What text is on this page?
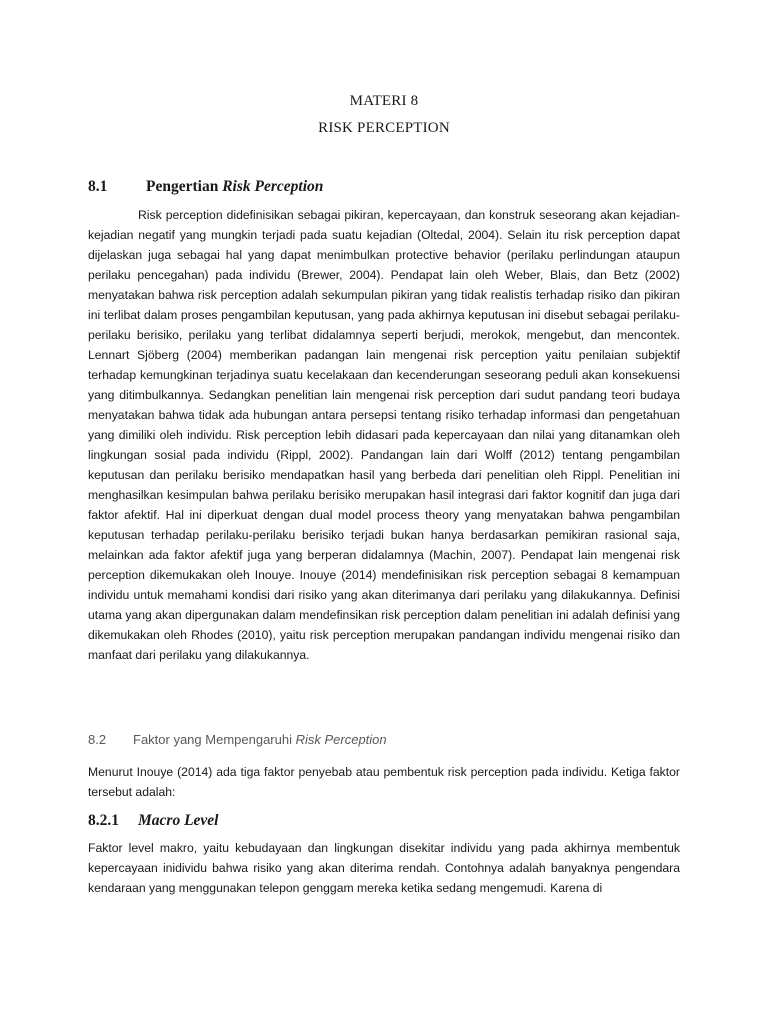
MATERI 8
RISK PERCEPTION
8.1 Pengertian Risk Perception

Risk perception didefinisikan sebagai pikiran, kepercayaan, dan konstruk seseorang akan kejadian-kejadian negatif yang mungkin terjadi pada suatu kejadian (Oltedal, 2004). Selain itu risk perception dapat dijelaskan juga sebagai hal yang dapat menimbulkan protective behavior (perilaku perlindungan ataupun perilaku pencegahan) pada individu (Brewer, 2004). Pendapat lain oleh Weber, Blais, dan Betz (2002) menyatakan bahwa risk perception adalah sekumpulan pikiran yang tidak realistis terhadap risiko dan pikiran ini terlibat dalam proses pengambilan keputusan, yang pada akhirnya keputusan ini disebut sebagai perilaku-perilaku berisiko, perilaku yang terlibat didalamnya seperti berjudi, merokok, mengebut, dan mencontek. Lennart Sjöberg (2004) memberikan padangan lain mengenai risk perception yaitu penilaian subjektif terhadap kemungkinan terjadinya suatu kecelakaan dan kecenderungan seseorang peduli akan konsekuensi yang ditimbulkannya. Sedangkan penelitian lain mengenai risk perception dari sudut pandang teori budaya menyatakan bahwa tidak ada hubungan antara persepsi tentang risiko terhadap informasi dan pengetahuan yang dimiliki oleh individu. Risk perception lebih didasari pada kepercayaan dan nilai yang ditanamkan oleh lingkungan sosial pada individu (Rippl, 2002). Pandangan lain dari Wolff (2012) tentang pengambilan keputusan dan perilaku berisiko mendapatkan hasil yang berbeda dari penelitian oleh Rippl. Penelitian ini menghasilkan kesimpulan bahwa perilaku berisiko merupakan hasil integrasi dari faktor kognitif dan juga dari faktor afektif. Hal ini diperkuat dengan dual model process theory yang menyatakan bahwa pengambilan keputusan terhadap perilaku-perilaku berisiko terjadi bukan hanya berdasarkan pemikiran rasional saja, melainkan ada faktor afektif juga yang berperan didalamnya (Machin, 2007). Pendapat lain mengenai risk perception dikemukakan oleh Inouye. Inouye (2014) mendefinisikan risk perception sebagai 8 kemampuan individu untuk memahami kondisi dari risiko yang akan diterimanya dari perilaku yang dilakukannya. Definisi utama yang akan dipergunakan dalam mendefinsikan risk perception dalam penelitian ini adalah definisi yang dikemukakan oleh Rhodes (2010), yaitu risk perception merupakan pandangan individu mengenai risiko dan manfaat dari perilaku yang dilakukannya.

8.2 Faktor yang Mempengaruhi Risk Perception

Menurut Inouye (2014) ada tiga faktor penyebab atau pembentuk risk perception pada individu. Ketiga faktor tersebut adalah:

8.2.1 Macro Level

Faktor level makro, yaitu kebudayaan dan lingkungan disekitar individu yang pada akhirnya membentuk kepercayaan inidividu bahwa risiko yang akan diterima rendah. Contohnya adalah banyaknya pengendara kendaraan yang menggunakan telepon genggam mereka ketika sedang mengemudi. Karena di
